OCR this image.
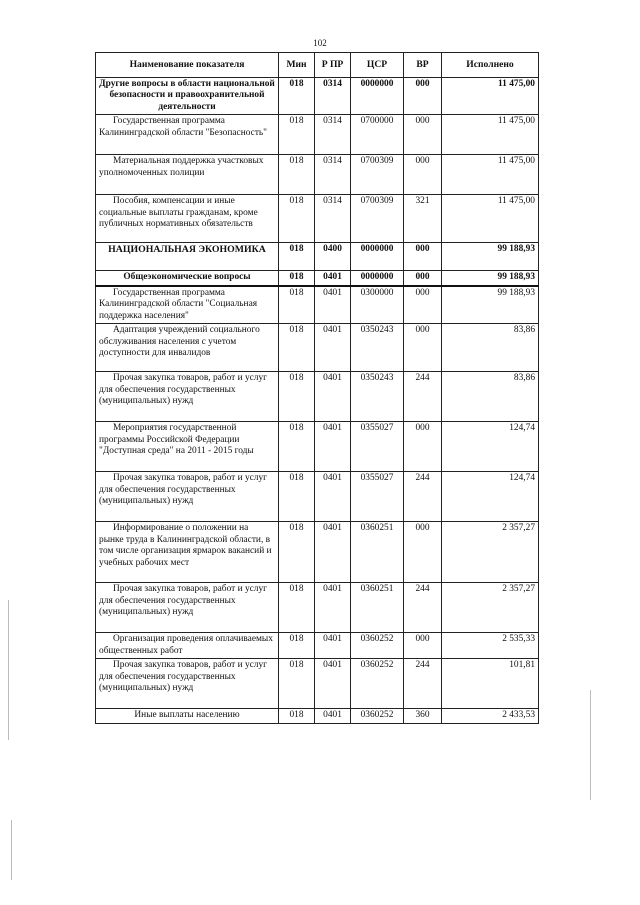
102
Наименование показателя	Мин	Р ПР	ЦСР	ВР	Исполнено
Другие вопросы в области национальной безопасности и правоохранительной деятельности	018	0314	0000000	000	11 475,00
Государственная программа Калининградской области "Безопасность"	018	0314	0700000	000	11 475,00
Материальная поддержка участковых уполномоченных полиции	018	0314	0700309	000	11 475,00
Пособия, компенсации и иные социальные выплаты гражданам, кроме публичных нормативных обязательств	018	0314	0700309	321	11 475,00
НАЦИОНАЛЬНАЯ ЭКОНОМИКА	018	0400	0000000	000	99 188,93
Общеэкономические вопросы	018	0401	0000000	000	99 188,93
Государственная программа Калининградской области "Социальная поддержка населения"	018	0401	0300000	000	99 188,93
Адаптация учреждений социального обслуживания населения с учетом доступности для инвалидов	018	0401	0350243	000	83,86
Прочая закупка товаров, работ и услуг для обеспечения государственных (муниципальных) нужд	018	0401	0350243	244	83,86
Мероприятия государственной программы Российской Федерации "Доступная среда" на 2011 - 2015 годы	018	0401	0355027	000	124,74
Прочая закупка товаров, работ и услуг для обеспечения государственных (муниципальных) нужд	018	0401	0355027	244	124,74
Информирование о положении на рынке труда в Калининградской области, в том числе организация ярмарок вакансий и учебных рабочих мест	018	0401	0360251	000	2 357,27
Прочая закупка товаров, работ и услуг для обеспечения государственных (муниципальных) нужд	018	0401	0360251	244	2 357,27
Организация проведения оплачиваемых общественных работ	018	0401	0360252	000	2 535,33
Прочая закупка товаров, работ и услуг для обеспечения государственных (муниципальных) нужд	018	0401	0360252	244	101,81
Иные выплаты населению	018	0401	0360252	360	2 433,53
